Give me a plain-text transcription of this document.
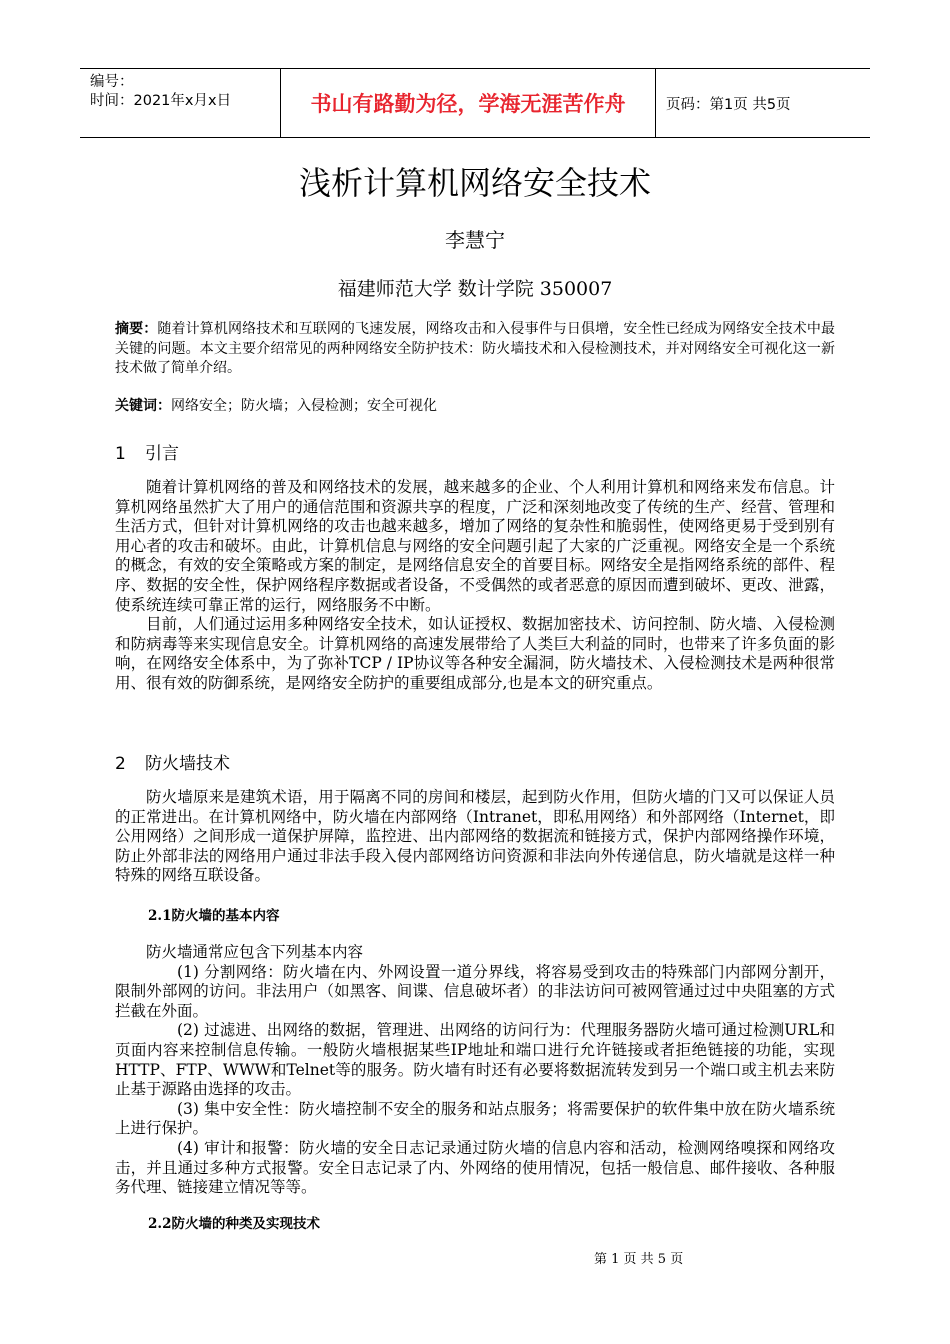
编号：
时间：2021年x月x日	书山有路勤为径，学海无涯苦作舟	页码：第1页 共5页
浅析计算机网络安全技术
李慧宁
福建师范大学 数计学院 350007
摘要：随着计算机网络技术和互联网的飞速发展，网络攻击和入侵事件与日俱增，安全性已经成为网络安全技术中最关键的问题。本文主要介绍常见的两种网络安全防护技术：防火墙技术和入侵检测技术，并对网络安全可视化这一新技术做了简单介绍。
关键词：网络安全；防火墙；入侵检测；安全可视化
1 引言

随着计算机网络的普及和网络技术的发展，越来越多的企业、个人利用计算机和网络来发布信息。计算机网络虽然扩大了用户的通信范围和资源共享的程度，广泛和深刻地改变了传统的生产、经营、管理和生活方式，但针对计算机网络的攻击也越来越多，增加了网络的复杂性和脆弱性，使网络更易于受到别有用心者的攻击和破坏。由此，计算机信息与网络的安全问题引起了大家的广泛重视。网络安全是一个系统的概念，有效的安全策略或方案的制定，是网络信息安全的首要目标。网络安全是指网络系统的部件、程序、数据的安全性，保护网络程序数据或者设备，不受偶然的或者恶意的原因而遭到破坏、更改、泄露，使系统连续可靠正常的运行，网络服务不中断。

目前，人们通过运用多种网络安全技术，如认证授权、数据加密技术、访问控制、防火墙、入侵检测和防病毒等来实现信息安全。计算机网络的高速发展带给了人类巨大利益的同时，也带来了许多负面的影响，在网络安全体系中，为了弥补TCP / IP协议等各种安全漏洞，防火墙技术、入侵检测技术是两种很常用、很有效的防御系统，是网络安全防护的重要组成部分,也是本文的研究重点。

2 防火墙技术

防火墙原来是建筑术语，用于隔离不同的房间和楼层，起到防火作用，但防火墙的门又可以保证人员的正常进出。在计算机网络中，防火墙在内部网络（Intranet，即私用网络）和外部网络（Internet，即公用网络）之间形成一道保护屏障，监控进、出内部网络的数据流和链接方式，保护内部网络操作环境，防止外部非法的网络用户通过非法手段入侵内部网络访问资源和非法向外传递信息，防火墙就是这样一种特殊的网络互联设备。

2.1防火墙的基本内容

防火墙通常应包含下列基本内容

(1) 分割网络：防火墙在内、外网设置一道分界线，将容易受到攻击的特殊部门内部网分割开，限制外部网的访问。非法用户（如黑客、间谍、信息破坏者）的非法访问可被网管通过过中央阻塞的方式拦截在外面。

(2) 过滤进、出网络的数据，管理进、出网络的访问行为：代理服务器防火墙可通过检测URL和页面内容来控制信息传输。一般防火墙根据某些IP地址和端口进行允许链接或者拒绝链接的功能，实现HTTP、FTP、WWW和Telnet等的服务。防火墙有时还有必要将数据流转发到另一个端口或主机去来防止基于源路由选择的攻击。

(3) 集中安全性：防火墙控制不安全的服务和站点服务；将需要保护的软件集中放在防火墙系统上进行保护。

(4) 审计和报警：防火墙的安全日志记录通过防火墙的信息内容和活动，检测网络嗅探和网络攻击，并且通过多种方式报警。安全日志记录了内、外网络的使用情况，包括一般信息、邮件接收、各种服务代理、链接建立情况等等。

2.2防火墙的种类及实现技术
第 1 页 共 5 页
